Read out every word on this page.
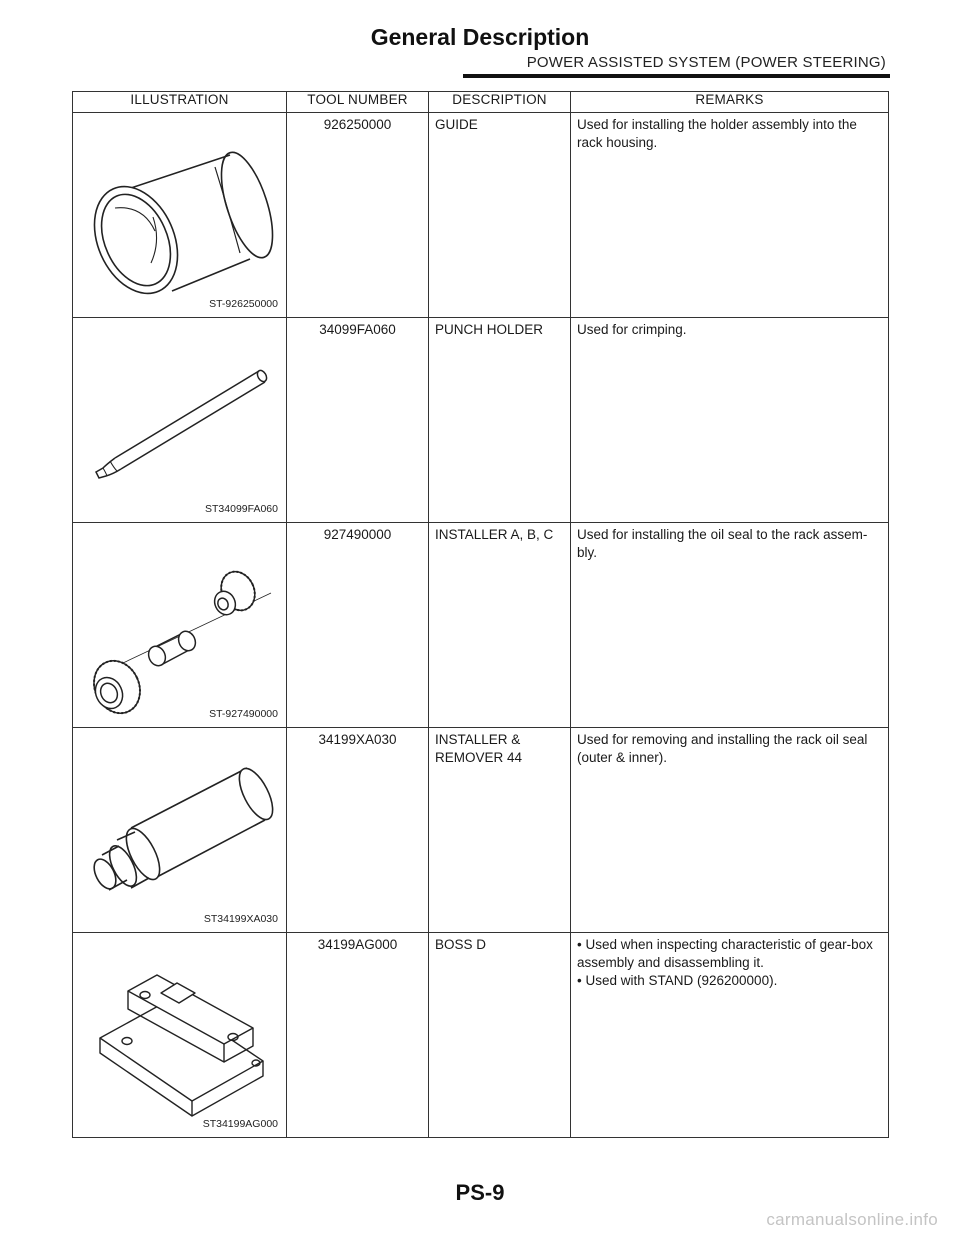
General Description
POWER ASSISTED SYSTEM (POWER STEERING)
ILLUSTRATION	TOOL NUMBER	DESCRIPTION	REMARKS

ST-926250000	926250000	GUIDE	Used for installing the holder assembly into the rack housing.

ST34099FA060	34099FA060	PUNCH HOLDER	Used for crimping.

ST-927490000	927490000	INSTALLER A, B, C	Used for installing the oil seal to the rack assem-bly.

ST34199XA030	34199XA030	INSTALLER & REMOVER 44	Used for removing and installing the rack oil seal (outer & inner).

ST34199AG000	34199AG000	BOSS D	• Used when inspecting characteristic of gear-box assembly and disassembling it.
• Used with STAND (926200000).
PS-9
carmanualsonline.info
